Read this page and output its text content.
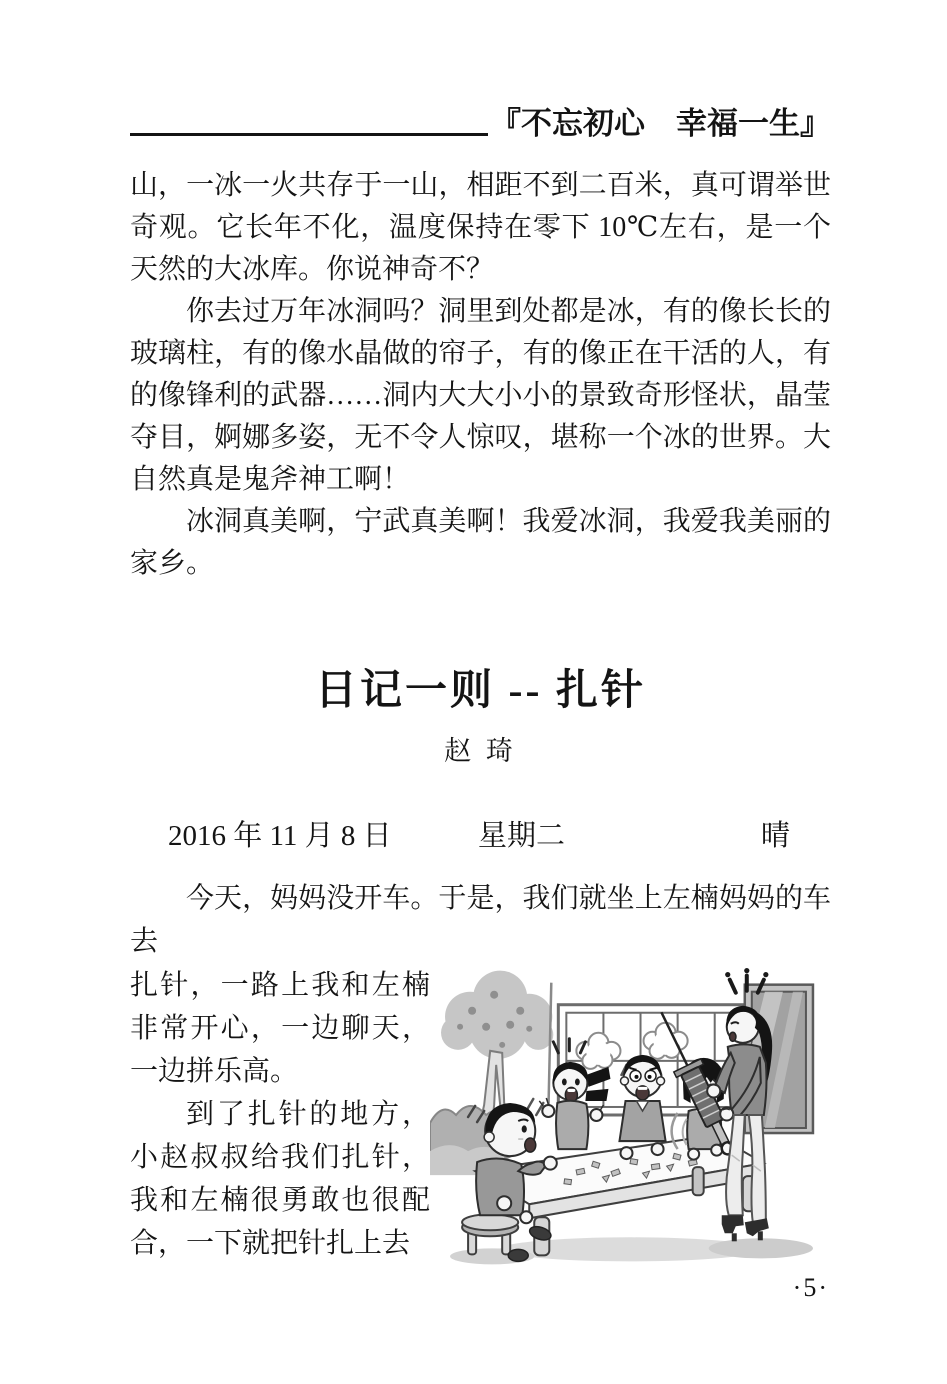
『不忘初心　幸福一生』

山，一冰一火共存于一山，相距不到二百米，真可谓举世奇观。它长年不化，温度保持在零下 10℃左右，是一个天然的大冰库。你说神奇不？

你去过万年冰洞吗？洞里到处都是冰，有的像长长的玻璃柱，有的像水晶做的帘子，有的像正在干活的人，有的像锋利的武器……洞内大大小小的景致奇形怪状，晶莹夺目，婀娜多姿，无不令人惊叹，堪称一个冰的世界。大自然真是鬼斧神工啊！

冰洞真美啊，宁武真美啊！我爱冰洞，我爱我美丽的家乡。

日记一则 -- 扎针
赵 琦
2016 年 11 月 8 日	星期二	晴

今天，妈妈没开车。于是，我们就坐上左楠妈妈的车去

扎针，一路上我和左楠非常开心，一边聊天，一边拼乐高。

到了扎针的地方，小赵叔叔给我们扎针，我和左楠很勇敢也很配合，一下就把针扎上去

·5·
